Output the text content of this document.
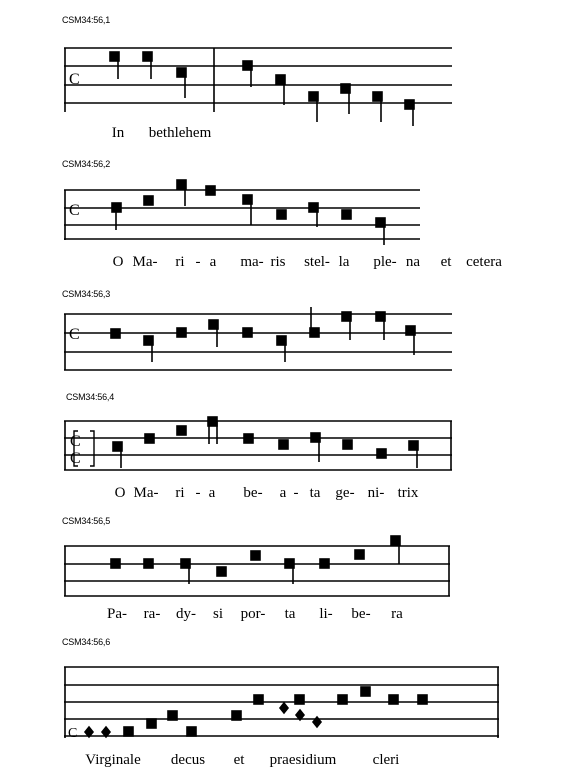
CSM34:56,1
C
In bethlehem
CSM34:56,2
C
O Ma- ri - a ma- ris stel- la ple- na et cetera
CSM34:56,3
C
CSM34:56,4
C
C
O Ma- ri - a be- a - ta ge- ni- trix
CSM34:56,5
Pa- ra- dy- si por- ta li- be- ra
CSM34:56,6
C
Virginale decus et praesidium cleri
